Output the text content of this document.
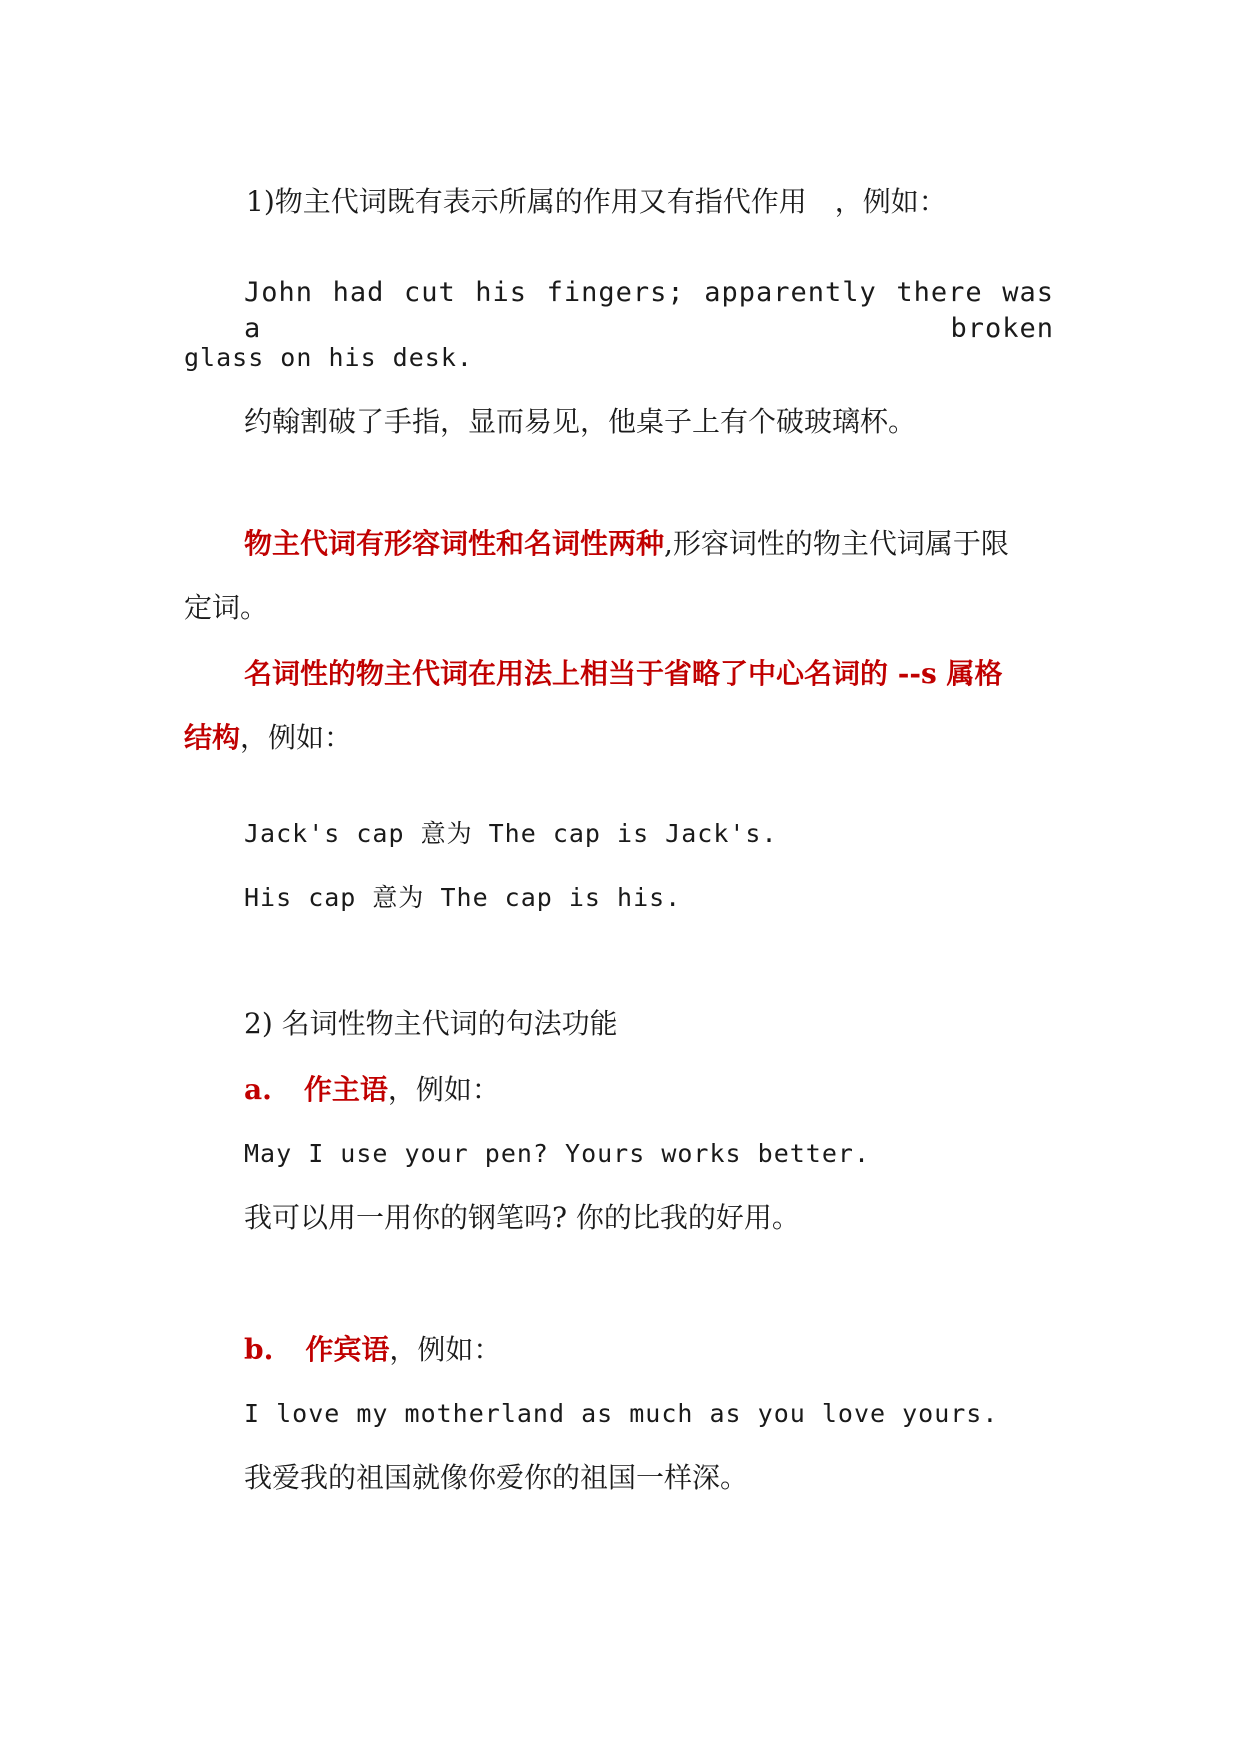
1)物主代词既有表示所属的作用又有指代作用　，例如：
John had cut his fingers; apparently there was a broken
glass on his desk.
约翰割破了手指，显而易见，他桌子上有个破玻璃杯。
物主代词有形容词性和名词性两种,形容词性的物主代词属于限
定词。
名词性的物主代词在用法上相当于省略了中心名词的 --s 属格
结构，例如：
Jack's cap 意为 The cap is Jack's.
His cap 意为 The cap is his.
2) 名词性物主代词的句法功能
a. 作主语，例如：
May I use your pen? Yours works better.
我可以用一用你的钢笔吗? 你的比我的好用。
b. 作宾语，例如：
I love my motherland as much as you love yours.
我爱我的祖国就像你爱你的祖国一样深。
